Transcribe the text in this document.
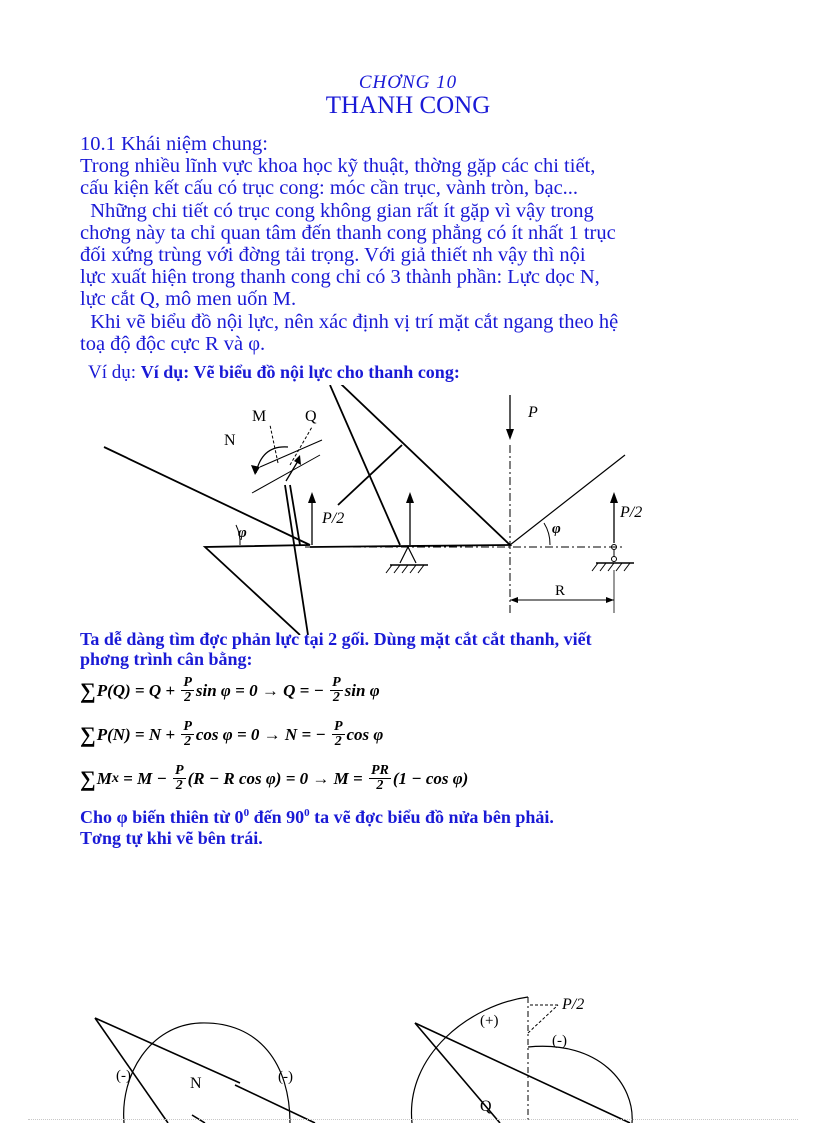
CHƠNG 10
THANH CONG
10.1 Khái niệm chung:
Trong nhiều lĩnh vực khoa học kỹ thuật, thờng gặp các chi tiết,
cấu kiện kết cấu có trục cong: móc cần trục, vành tròn, bạc...
Những chi tiết có trục cong không gian rất ít gặp vì vậy trong
chơng này ta chỉ quan tâm đến thanh cong phẳng có ít nhất 1 trục
đối xứng trùng với đờng tải trọng. Với giả thiết nh vậy thì nội
lực xuất hiện trong thanh cong chỉ có 3 thành phần: Lực dọc N,
lực cắt Q, mô men uốn M.
Khi vẽ biểu đồ nội lực, nên xác định vị trí mặt cắt ngang theo hệ
toạ độ độc cực R và φ.
Ví dụ: Ví dụ: Vẽ biểu đồ nội lực cho thanh cong:
M Q
N
P
P/2	P/2
φ	φ
R
Ta dễ dàng tìm đợc phản lực tại 2 gối. Dùng mặt cắt cắt thanh, viết
phơng trình cân bằng:
∑ $P(Q) = Q + \frac{P}{2}$ sin φ = 0 → Q = − $\frac{P}{2}$ sin φ
∑ $P(N) = N + \frac{P}{2}$ cos φ = 0 → N = − $\frac{P}{2}$ cos φ
∑ M $x = M - \frac{P}{2} (R - R$ $\cos \varphi) = 0 \to M = \frac{PR}{2} (1 - \cos \varphi)$
Cho φ biến thiên từ $0^0$ đến $90^0$ ta vẽ đợc biểu đồ nửa bên phải.
Tơng tự khi vẽ bên trái.
(-)	(-)
N
(+)
(-)
P/2
Q
